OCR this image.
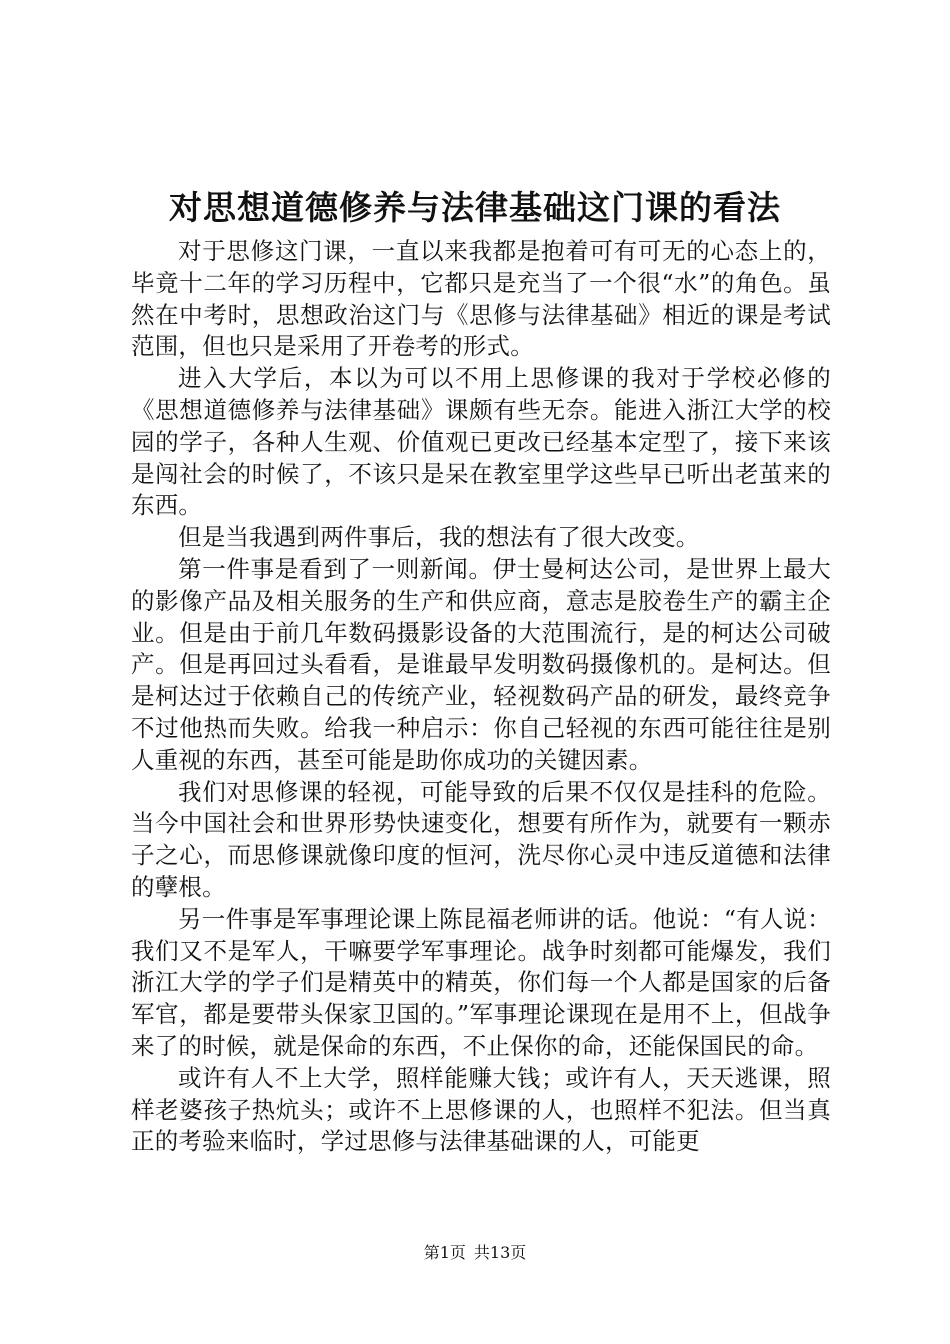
对思想道德修养与法律基础这门课的看法

对于思修这门课，一直以来我都是抱着可有可无的心态上的，毕竟十二年的学习历程中，它都只是充当了一个很“水”的角色。虽然在中考时，思想政治这门与《思修与法律基础》相近的课是考试范围，但也只是采用了开卷考的形式。

进入大学后，本以为可以不用上思修课的我对于学校必修的《思想道德修养与法律基础》课颇有些无奈。能进入浙江大学的校园的学子，各种人生观、价值观已更改已经基本定型了，接下来该是闯社会的时候了，不该只是呆在教室里学这些早已听出老茧来的东西。

但是当我遇到两件事后，我的想法有了很大改变。

第一件事是看到了一则新闻。伊士曼柯达公司，是世界上最大的影像产品及相关服务的生产和供应商，意志是胶卷生产的霸主企业。但是由于前几年数码摄影设备的大范围流行，是的柯达公司破产。但是再回过头看看，是谁最早发明数码摄像机的。是柯达。但是柯达过于依赖自己的传统产业，轻视数码产品的研发，最终竞争不过他热而失败。给我一种启示：你自己轻视的东西可能往往是别人重视的东西，甚至可能是助你成功的关键因素。

我们对思修课的轻视，可能导致的后果不仅仅是挂科的危险。当今中国社会和世界形势快速变化，想要有所作为，就要有一颗赤子之心，而思修课就像印度的恒河，洗尽你心灵中违反道德和法律的孽根。

另一件事是军事理论课上陈昆福老师讲的话。他说：“有人说：我们又不是军人，干嘛要学军事理论。战争时刻都可能爆发，我们浙江大学的学子们是精英中的精英，你们每一个人都是国家的后备军官，都是要带头保家卫国的。”军事理论课现在是用不上，但战争来了的时候，就是保命的东西，不止保你的命，还能保国民的命。

或许有人不上大学，照样能赚大钱；或许有人，天天逃课，照样老婆孩子热炕头；或许不上思修课的人，也照样不犯法。但当真正的考验来临时，学过思修与法律基础课的人，可能更

第1页 共13页
